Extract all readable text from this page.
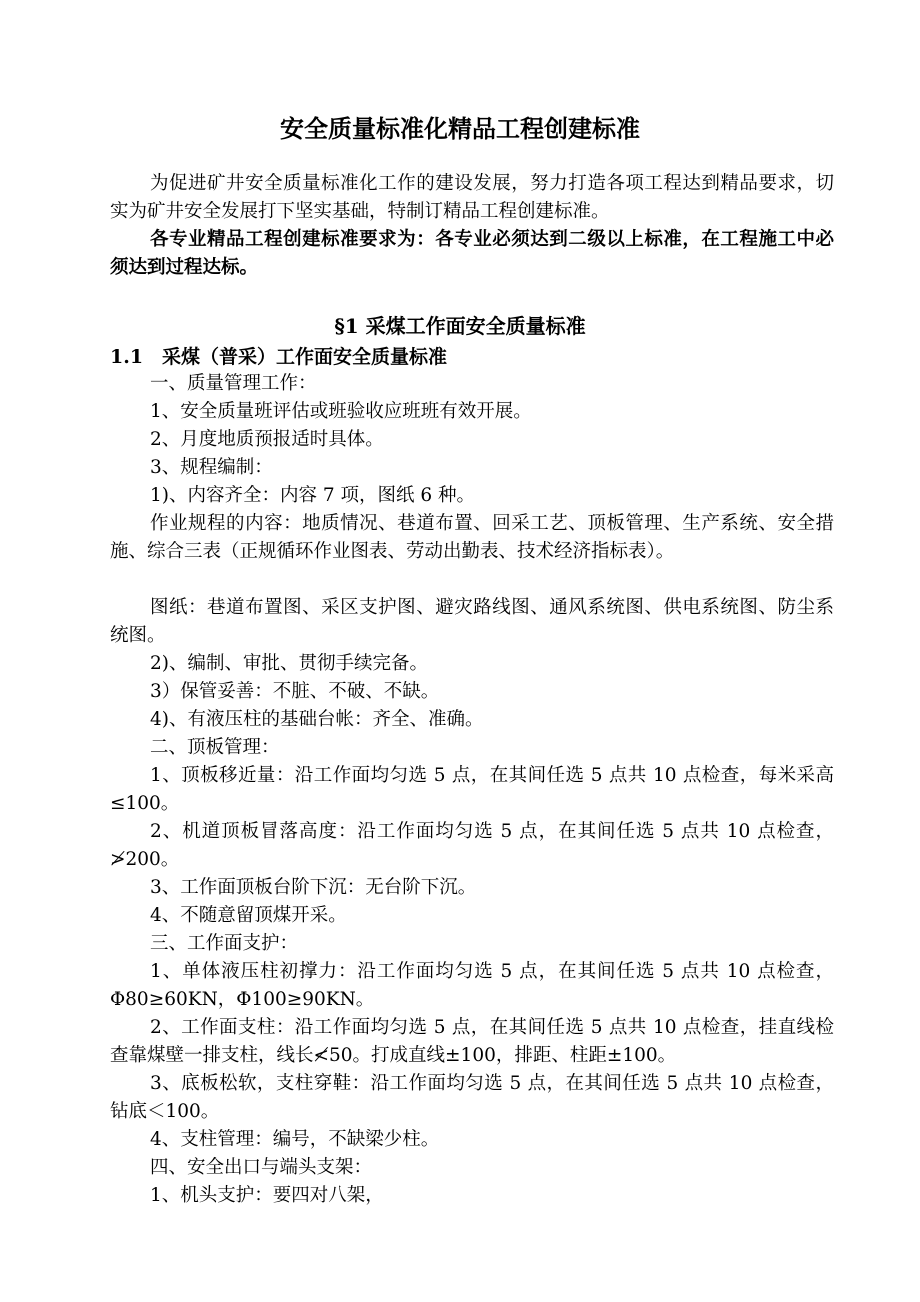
安全质量标准化精品工程创建标准
为促进矿井安全质量标准化工作的建设发展，努力打造各项工程达到精品要求，切实为矿井安全发展打下坚实基础，特制订精品工程创建标准。
各专业精品工程创建标准要求为：各专业必须达到二级以上标准，在工程施工中必须达到过程达标。
§1 采煤工作面安全质量标准
1.1　采煤（普采）工作面安全质量标准
一、质量管理工作：
1、安全质量班评估或班验收应班班有效开展。
2、月度地质预报适时具体。
3、规程编制：
1)、内容齐全：内容 7 项，图纸 6 种。
作业规程的内容：地质情况、巷道布置、回采工艺、顶板管理、生产系统、安全措施、综合三表（正规循环作业图表、劳动出勤表、技术经济指标表）。
图纸：巷道布置图、采区支护图、避灾路线图、通风系统图、供电系统图、防尘系统图。
2)、编制、审批、贯彻手续完备。
3）保管妥善：不脏、不破、不缺。
4)、有液压柱的基础台帐：齐全、准确。
二、顶板管理：
1、顶板移近量：沿工作面均匀选 5 点，在其间任选 5 点共 10 点检查，每米采高≤100。
2、机道顶板冒落高度：沿工作面均匀选 5 点，在其间任选 5 点共 10 点检查，≯200。
3、工作面顶板台阶下沉：无台阶下沉。
4、不随意留顶煤开采。
三、工作面支护：
1、单体液压柱初撑力：沿工作面均匀选 5 点，在其间任选 5 点共 10 点检查，Φ80≥60KN，Φ100≥90KN。
2、工作面支柱：沿工作面均匀选 5 点，在其间任选 5 点共 10 点检查，挂直线检查靠煤壁一排支柱，线长≮50。打成直线±100，排距、柱距±100。
3、底板松软，支柱穿鞋：沿工作面均匀选 5 点，在其间任选 5 点共 10 点检查，钻底＜100。
4、支柱管理：编号，不缺梁少柱。
四、安全出口与端头支架：
1、机头支护：要四对八架，
